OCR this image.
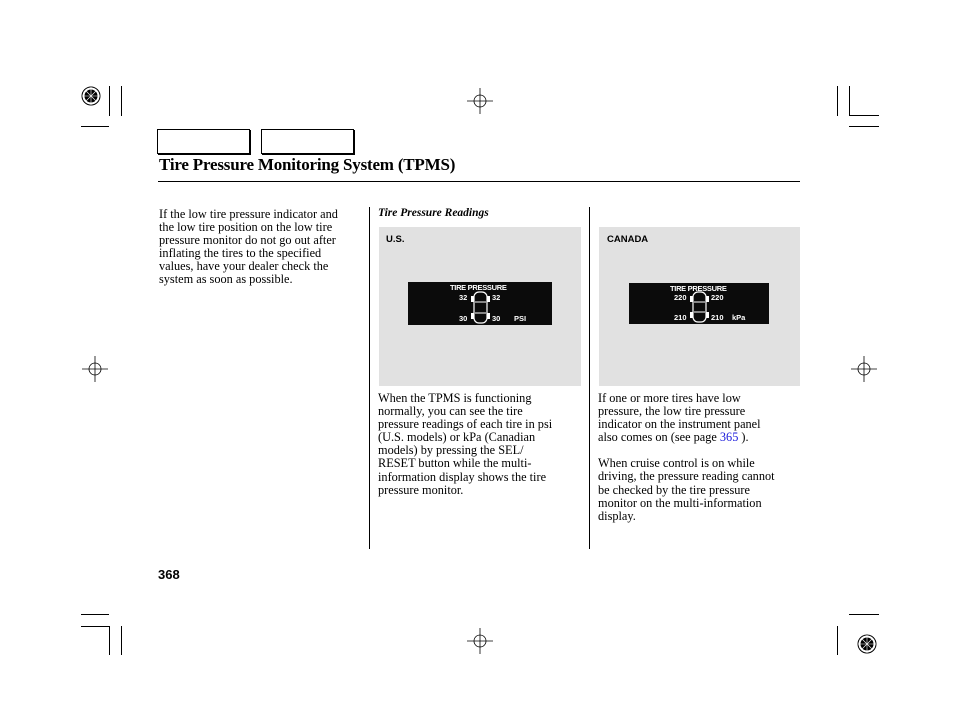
Tire Pressure Monitoring System (TPMS)

If the low tire pressure indicator and
the low tire position on the low tire
pressure monitor do not go out after
inflating the tires to the specified
values, have your dealer check the
system as soon as possible.

Tire Pressure Readings
U.S.
TIRE PRESSURE
32	32
30	30 PSI
CANADA
TIRE PRESSURE
220	220
210	210 kPa

When the TPMS is functioning
normally, you can see the tire
pressure readings of each tire in psi
(U.S. models) or kPa (Canadian
models) by pressing the SEL/
RESET button while the multi-
information display shows the tire
pressure monitor.

If one or more tires have low
pressure, the low tire pressure
indicator on the instrument panel
also comes on (see page 365 ).

When cruise control is on while
driving, the pressure reading cannot
be checked by the tire pressure
monitor on the multi-information
display.

368
